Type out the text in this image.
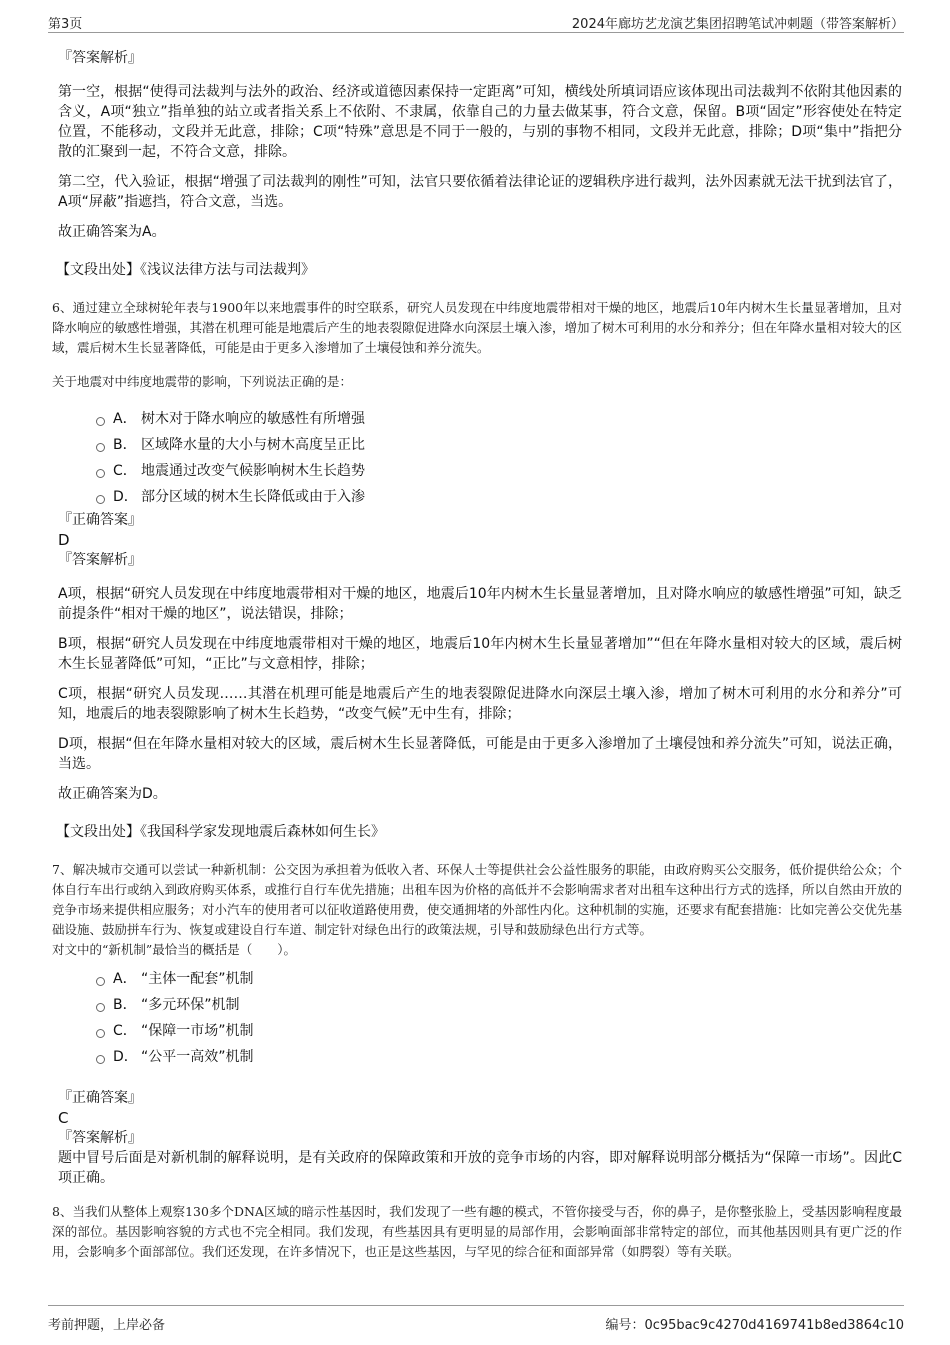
第3页	2024年廊坊艺龙演艺集团招聘笔试冲刺题（带答案解析）
『答案解析』

第一空，根据“使得司法裁判与法外的政治、经济或道德因素保持一定距离”可知，横线处所填词语应该体现出司法裁判不依附其他因素的含义，A项“独立”指单独的站立或者指关系上不依附、不隶属，依靠自己的力量去做某事，符合文意，保留。B项“固定”形容使处在特定位置，不能移动，文段并无此意，排除；C项“特殊”意思是不同于一般的，与别的事物不相同，文段并无此意，排除；D项“集中”指把分散的汇聚到一起，不符合文意，排除。

第二空，代入验证，根据“增强了司法裁判的刚性”可知，法官只要依循着法律论证的逻辑秩序进行裁判，法外因素就无法干扰到法官了，A项“屏蔽”指遮挡，符合文意，当选。

故正确答案为A。

【文段出处】《浅议法律方法与司法裁判》
6、通过建立全球树轮年表与1900年以来地震事件的时空联系，研究人员发现在中纬度地震带相对干燥的地区，地震后10年内树木生长量显著增加，且对降水响应的敏感性增强，其潜在机理可能是地震后产生的地表裂隙促进降水向深层土壤入渗，增加了树木可利用的水分和养分；但在年降水量相对较大的区域，震后树木生长显著降低，可能是由于更多入渗增加了土壤侵蚀和养分流失。
关于地震对中纬度地震带的影响，下列说法正确的是：
A． 树木对于降水响应的敏感性有所增强
B． 区域降水量的大小与树木高度呈正比
C． 地震通过改变气候影响树木生长趋势
D． 部分区域的树木生长降低或由于入渗
『正确答案』
D
『答案解析』

A项，根据“研究人员发现在中纬度地震带相对干燥的地区，地震后10年内树木生长量显著增加，且对降水响应的敏感性增强”可知，缺乏前提条件“相对干燥的地区”，说法错误，排除；

B项，根据“研究人员发现在中纬度地震带相对干燥的地区，地震后10年内树木生长量显著增加”“但在年降水量相对较大的区域，震后树木生长显著降低”可知，“正比”与文意相悖，排除；

C项，根据“研究人员发现……其潜在机理可能是地震后产生的地表裂隙促进降水向深层土壤入渗，增加了树木可利用的水分和养分”可知，地震后的地表裂隙影响了树木生长趋势，“改变气候”无中生有，排除；

D项，根据“但在年降水量相对较大的区域，震后树木生长显著降低，可能是由于更多入渗增加了土壤侵蚀和养分流失”可知，说法正确，当选。

故正确答案为D。

【文段出处】《我国科学家发现地震后森林如何生长》
7、解决城市交通可以尝试一种新机制：公交因为承担着为低收入者、环保人士等提供社会公益性服务的职能，由政府购买公交服务，低价提供给公众；个体自行车出行或纳入到政府购买体系，或推行自行车优先措施；出租车因为价格的高低并不会影响需求者对出租车这种出行方式的选择，所以自然由开放的竞争市场来提供相应服务；对小汽车的使用者可以征收道路使用费，使交通拥堵的外部性内化。这种机制的实施，还要求有配套措施：比如完善公交优先基础设施、鼓励拼车行为、恢复或建设自行车道、制定针对绿色出行的政策法规，引导和鼓励绿色出行方式等。
对文中的“新机制”最恰当的概括是（　　）。
A． “主体一配套”机制
B． “多元环保”机制
C． “保障一市场”机制
D． “公平一高效”机制
『正确答案』
C
『答案解析』

题中冒号后面是对新机制的解释说明，是有关政府的保障政策和开放的竞争市场的内容，即对解释说明部分概括为“保障一市场”。因此C项正确。

8、当我们从整体上观察130多个DNA区域的暗示性基因时，我们发现了一些有趣的模式，不管你接受与否，你的鼻子，是你整张脸上，受基因影响程度最深的部位。基因影响容貌的方式也不完全相同。我们发现，有些基因具有更明显的局部作用，会影响面部非常特定的部位，而其他基因则具有更广泛的作用，会影响多个面部部位。我们还发现，在许多情况下，也正是这些基因，与罕见的综合征和面部异常（如腭裂）等有关联。
考前押题，上岸必备	编号：0c95bac9c4270d4169741b8ed3864c10
